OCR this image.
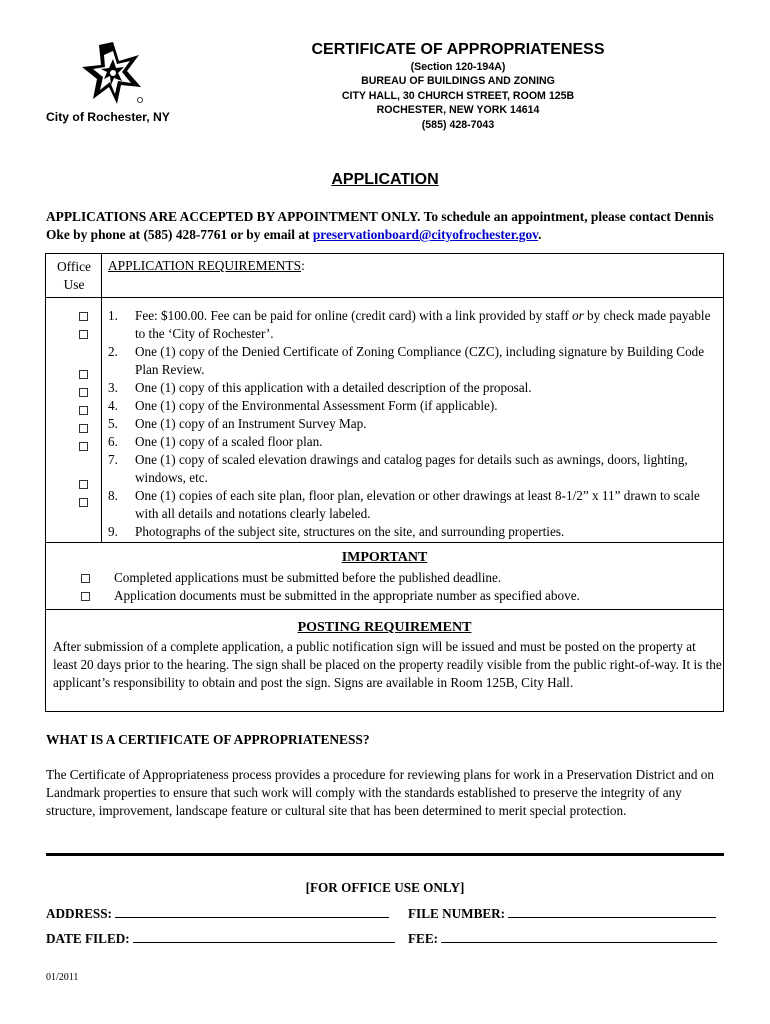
City of Rochester, NY
CERTIFICATE OF APPROPRIATENESS
(Section 120-194A)
BUREAU OF BUILDINGS AND ZONING
CITY HALL, 30 CHURCH STREET, ROOM 125B
ROCHESTER, NEW YORK 14614
(585) 428-7043
APPLICATION
APPLICATIONS ARE ACCEPTED BY APPOINTMENT ONLY. To schedule an appointment, please contact Dennis Oke by phone at (585) 428-7761 or by email at preservationboard@cityofrochester.gov.
Office
Use
APPLICATION REQUIREMENTS:
1. Fee: $100.00. Fee can be paid for online (credit card) with a link provided by staff or by check made payable to the ‘City of Rochester’.
2. One (1) copy of the Denied Certificate of Zoning Compliance (CZC), including signature by Building Code Plan Review.
3. One (1) copy of this application with a detailed description of the proposal.
4. One (1) copy of the Environmental Assessment Form (if applicable).
5. One (1) copy of an Instrument Survey Map.
6. One (1) copy of a scaled floor plan.
7. One (1) copy of scaled elevation drawings and catalog pages for details such as awnings, doors, lighting, windows, etc.
8. One (1) copies of each site plan, floor plan, elevation or other drawings at least 8-1/2” x 11” drawn to scale with all details and notations clearly labeled.
9. Photographs of the subject site, structures on the site, and surrounding properties.
IMPORTANT
Completed applications must be submitted before the published deadline.
Application documents must be submitted in the appropriate number as specified above.
POSTING REQUIREMENT
After submission of a complete application, a public notification sign will be issued and must be posted on the property at least 20 days prior to the hearing. The sign shall be placed on the property readily visible from the public right-of-way. It is the applicant’s responsibility to obtain and post the sign. Signs are available in Room 125B, City Hall.
WHAT IS A CERTIFICATE OF APPROPRIATENESS?
The Certificate of Appropriateness process provides a procedure for reviewing plans for work in a Preservation District and on Landmark properties to ensure that such work will comply with the standards established to preserve the integrity of any structure, improvement, landscape feature or cultural site that has been determined to merit special protection.
[FOR OFFICE USE ONLY]
ADDRESS:	FILE NUMBER:
DATE FILED:	FEE:
01/2011
